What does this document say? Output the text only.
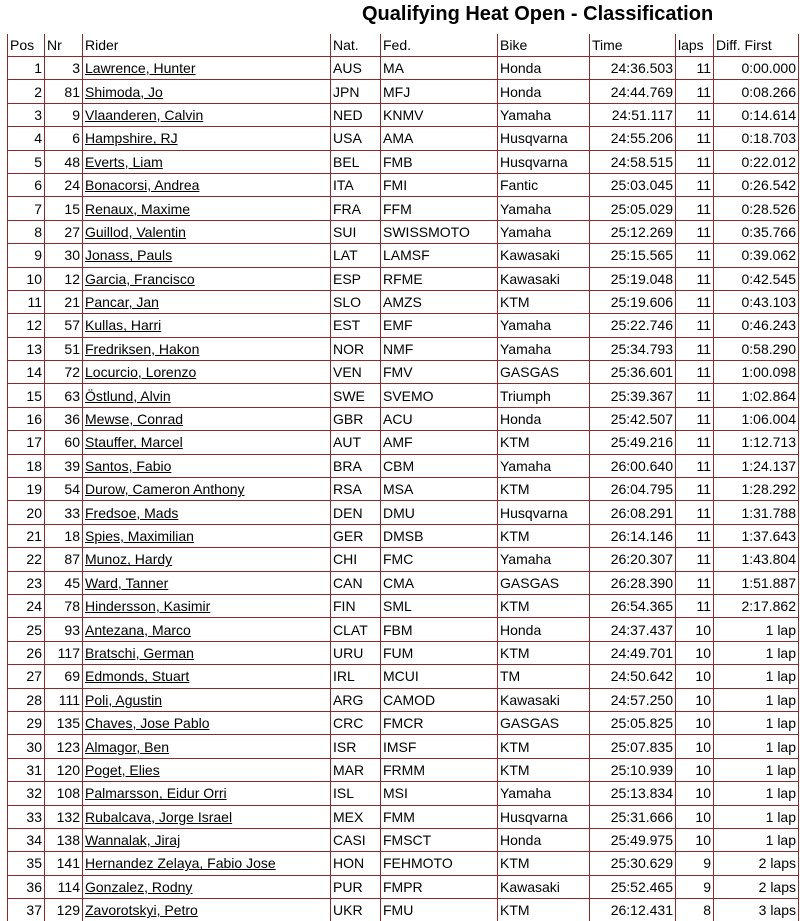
Qualifying Heat Open - Classification
Pos	Nr	Rider	Nat.	Fed.	Bike	Time	laps	Diff. First
1	3	Lawrence, Hunter	AUS	MA	Honda	24:36.503	11	0:00.000
2	81	Shimoda, Jo	JPN	MFJ	Honda	24:44.769	11	0:08.266
3	9	Vlaanderen, Calvin	NED	KNMV	Yamaha	24:51.117	11	0:14.614
4	6	Hampshire, RJ	USA	AMA	Husqvarna	24:55.206	11	0:18.703
5	48	Everts, Liam	BEL	FMB	Husqvarna	24:58.515	11	0:22.012
6	24	Bonacorsi, Andrea	ITA	FMI	Fantic	25:03.045	11	0:26.542
7	15	Renaux, Maxime	FRA	FFM	Yamaha	25:05.029	11	0:28.526
8	27	Guillod, Valentin	SUI	SWISSMOTO	Yamaha	25:12.269	11	0:35.766
9	30	Jonass, Pauls	LAT	LAMSF	Kawasaki	25:15.565	11	0:39.062
10	12	Garcia, Francisco	ESP	RFME	Kawasaki	25:19.048	11	0:42.545
11	21	Pancar, Jan	SLO	AMZS	KTM	25:19.606	11	0:43.103
12	57	Kullas, Harri	EST	EMF	Yamaha	25:22.746	11	0:46.243
13	51	Fredriksen, Hakon	NOR	NMF	Yamaha	25:34.793	11	0:58.290
14	72	Locurcio, Lorenzo	VEN	FMV	GASGAS	25:36.601	11	1:00.098
15	63	Östlund, Alvin	SWE	SVEMO	Triumph	25:39.367	11	1:02.864
16	36	Mewse, Conrad	GBR	ACU	Honda	25:42.507	11	1:06.004
17	60	Stauffer, Marcel	AUT	AMF	KTM	25:49.216	11	1:12.713
18	39	Santos, Fabio	BRA	CBM	Yamaha	26:00.640	11	1:24.137
19	54	Durow, Cameron Anthony	RSA	MSA	KTM	26:04.795	11	1:28.292
20	33	Fredsoe, Mads	DEN	DMU	Husqvarna	26:08.291	11	1:31.788
21	18	Spies, Maximilian	GER	DMSB	KTM	26:14.146	11	1:37.643
22	87	Munoz, Hardy	CHI	FMC	Yamaha	26:20.307	11	1:43.804
23	45	Ward, Tanner	CAN	CMA	GASGAS	26:28.390	11	1:51.887
24	78	Hindersson, Kasimir	FIN	SML	KTM	26:54.365	11	2:17.862
25	93	Antezana, Marco	CLAT	FBM	Honda	24:37.437	10	1 lap
26	117	Bratschi, German	URU	FUM	KTM	24:49.701	10	1 lap
27	69	Edmonds, Stuart	IRL	MCUI	TM	24:50.642	10	1 lap
28	111	Poli, Agustin	ARG	CAMOD	Kawasaki	24:57.250	10	1 lap
29	135	Chaves, Jose Pablo	CRC	FMCR	GASGAS	25:05.825	10	1 lap
30	123	Almagor, Ben	ISR	IMSF	KTM	25:07.835	10	1 lap
31	120	Poget, Elies	MAR	FRMM	KTM	25:10.939	10	1 lap
32	108	Palmarsson, Eidur Orri	ISL	MSI	Yamaha	25:13.834	10	1 lap
33	132	Rubalcava, Jorge Israel	MEX	FMM	Husqvarna	25:31.666	10	1 lap
34	138	Wannalak, Jiraj	CASI	FMSCT	Honda	25:49.975	10	1 lap
35	141	Hernandez Zelaya, Fabio Jose	HON	FEHMOTO	KTM	25:30.629	9	2 laps
36	114	Gonzalez, Rodny	PUR	FMPR	Kawasaki	25:52.465	9	2 laps
37	129	Zavorotskyi, Petro	UKR	FMU	KTM	26:12.431	8	3 laps
